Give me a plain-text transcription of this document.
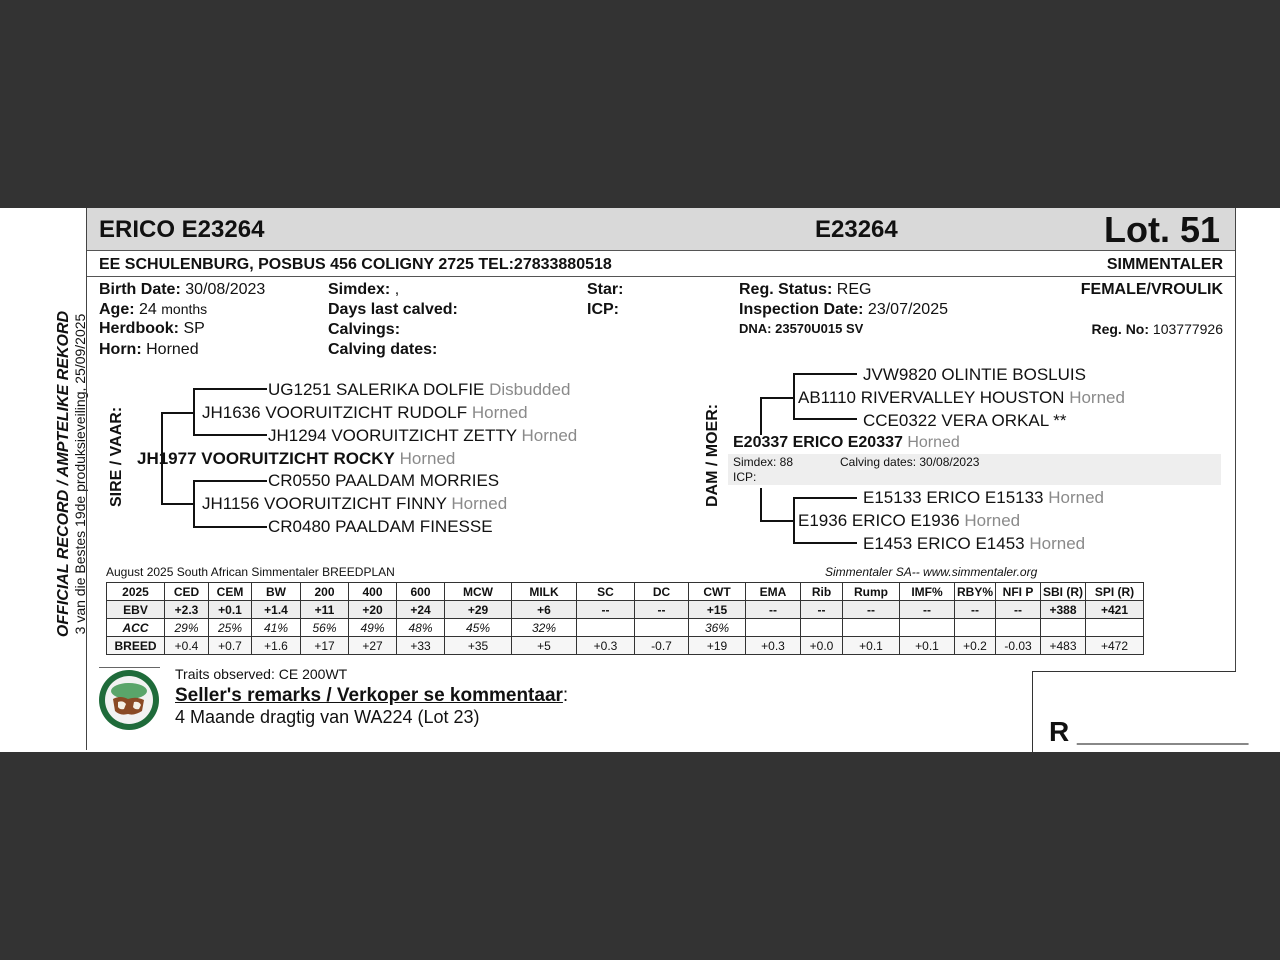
OFFICIAL RECORD / AMPTELIKE REKORD 3 van die Bestes 19de produksieveiling, 25/09/2025
ERICO E23264	E23264	Lot. 51
EE SCHULENBURG, POSBUS 456 COLIGNY 2725 TEL:27833880518	SIMMENTALER
Birth Date: 30/08/2023
Age: 24 months
Herdbook: SP
Horn: Horned
Simdex: ,
Days last calved:
Calvings:
Calving dates:
Star:
ICP:
Reg. Status: REG
Inspection Date: 23/07/2025
DNA: 23570U015 SV
FEMALE/VROULIK
Reg. No: 103777926
SIRE / VAAR:
UG1251 SALERIKA DOLFIE Disbudded
JH1636 VOORUITZICHT RUDOLF Horned
JH1294 VOORUITZICHT ZETTY Horned
JH1977 VOORUITZICHT ROCKY Horned
CR0550 PAALDAM MORRIES
JH1156 VOORUITZICHT FINNY Horned
CR0480 PAALDAM FINESSE
DAM / MOER:
JVW9820 OLINTIE BOSLUIS
AB1110 RIVERVALLEY HOUSTON Horned
CCE0322 VERA ORKAL **
E20337 ERICO E20337 Horned
Simdex: 88	Calving dates: 30/08/2023
ICP:
E15133 ERICO E15133 Horned
E1936 ERICO E1936 Horned
E1453 ERICO E1453 Horned
August 2025 South African Simmentaler BREEDPLAN	Simmentaler SA-- www.simmentaler.org
2025	CED	CEM	BW	200	400	600	MCW	MILK	SC	DC	CWT	EMA	Rib	Rump	IMF%	RBY%	NFI P	SBI (R)	SPI (R)
EBV	+2.3	+0.1	+1.4	+11	+20	+24	+29	+6	--	--	+15	--	--	--	--	--	--	+388	+421
ACC	29%	25%	41%	56%	49%	48%	45%	32%			36%								
BREED	+0.4	+0.7	+1.6	+17	+27	+33	+35	+5	+0.3	-0.7	+19	+0.3	+0.0	+0.1	+0.1	+0.2	-0.03	+483	+472
Traits observed: CE 200WT
Seller's remarks / Verkoper se kommentaar:
4 Maande dragtig van WA224 (Lot 23)	R ___________
